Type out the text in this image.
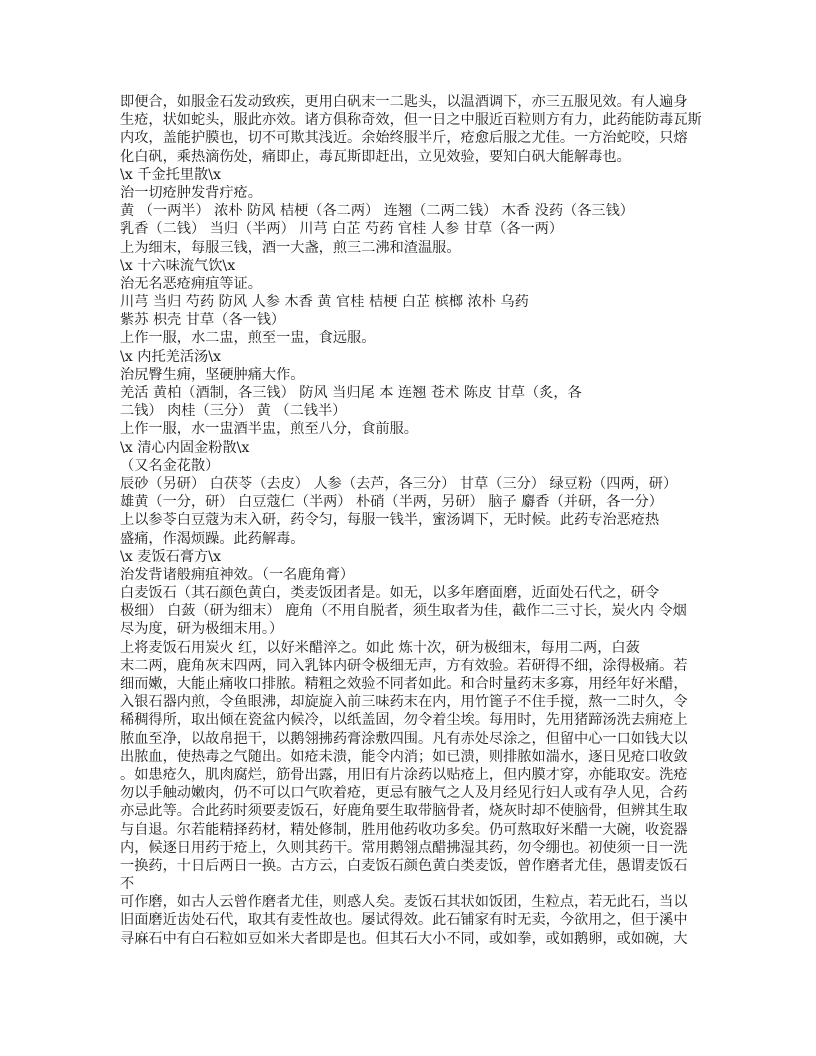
即便合，如服金石发动致疾，更用白矾末一二匙头，以温酒调下，亦三五服见效。有人遍身
生疮，状如蛇头，服此亦效。诸方俱称奇效，但一日之中服近百粒则方有力，此药能防毒瓦斯
内攻，盖能护膜也，切不可欺其浅近。余始终服半斤，疮愈后服之尤佳。一方治蛇咬，只熔
化白矾，乘热滴伤处，痛即止，毒瓦斯即赶出，立见效验，要知白矾大能解毒也。
\x 千金托里散\x
治一切疮肿发背疔疮。
黄 （一两半） 浓朴 防风 桔梗（各二两） 连翘（二两二钱） 木香 没药（各三钱）
乳香（二钱） 当归（半两） 川芎 白芷 芍药 官桂 人参 甘草（各一两）
上为细末，每服三钱，酒一大盏，煎三二沸和渣温服。
\x 十六味流气饮\x
治无名恶疮痈疽等证。
川芎 当归 芍药 防风 人参 木香 黄 官桂 桔梗 白芷 槟榔 浓朴 乌药
紫苏 枳壳 甘草（各一钱）
上作一服，水二盅，煎至一盅，食远服。
\x 内托羌活汤\x
治尻臀生痈，坚硬肿痛大作。
羌活 黄柏（酒制，各三钱） 防风 当归尾 本 连翘 苍术 陈皮 甘草（炙，各
二钱） 肉桂（三分） 黄 （二钱半）
上作一服，水一盅酒半盅，煎至八分，食前服。
\x 清心内固金粉散\x
（又名金花散）
辰砂（另研） 白茯苓（去皮） 人参（去芦，各三分） 甘草（三分） 绿豆粉（四两，研）
雄黄（一分，研） 白豆蔻仁（半两） 朴硝（半两，另研） 脑子 麝香（并研，各一分）
上以参苓白豆蔻为末入研，药令匀，每服一钱半，蜜汤调下，无时候。此药专治恶疮热
盛痛，作渴烦躁。此药解毒。
\x 麦饭石膏方\x
治发背诸般痈疽神效。（一名鹿角膏）
白麦饭石（其石颜色黄白，类麦饭团者是。如无，以多年磨面磨，近面处石代之，研令
极细） 白蔹（研为细末） 鹿角（不用自脱者，须生取者为佳，截作二三寸长，炭火内 令烟
尽为度，研为极细末用。）
上将麦饭石用炭火 红，以好米醋淬之。如此 炼十次，研为极细末，每用二两，白蔹
末二两，鹿角灰末四两，同入乳钵内研令极细无声，方有效验。若研得不细，涂得极痛。若
细而嫩，大能止痛收口排脓。精粗之效验不同者如此。和合时量药末多寡，用经年好米醋，
入银石器内煎，令鱼眼沸，却旋旋入前三味药末在内，用竹篦子不住手搅，熬一二时久，令
稀稠得所，取出倾在瓷盆内候冷，以纸盖固，勿令着尘埃。每用时，先用猪蹄汤洗去痈疮上
脓血至净，以故帛挹干，以鹅翎拂药膏涂敷四围。凡有赤处尽涂之，但留中心一口如钱大以
出脓血，使热毒之气随出。如疮未溃，能令内消；如已溃，则排脓如湍水，逐日见疮口收敛
。如患疮久，肌肉腐烂，筋骨出露，用旧有片涂药以贴疮上，但内膜才穿，亦能取安。洗疮
勿以手触动嫩肉，仍不可以口气吹着疮，更忌有腋气之人及月经见行妇人或有孕人见，合药
亦忌此等。合此药时须要麦饭石，好鹿角要生取带脑骨者，烧灰时却不使脑骨，但辨其生取
与自退。尔若能精择药材，精处修制，胜用他药收功多矣。仍可熬取好米醋一大碗，收瓷器
内，候逐日用药于疮上，久则其药干。常用鹅翎点醋拂湿其药，勿令绷也。初使须一日一洗
一换药，十日后两日一换。古方云，白麦饭石颜色黄白类麦饭，曾作磨者尤佳，愚谓麦饭石
不
可作磨，如古人云曾作磨者尤佳，则惑人矣。麦饭石其状如饭团，生粒点，若无此石，当以
旧面磨近齿处石代，取其有麦性故也。屡试得效。此石铺家有时无卖，今欲用之，但于溪中
寻麻石中有白石粒如豆如米大者即是也。但其石大小不同，或如拳，或如鹅卵，或如碗，大
